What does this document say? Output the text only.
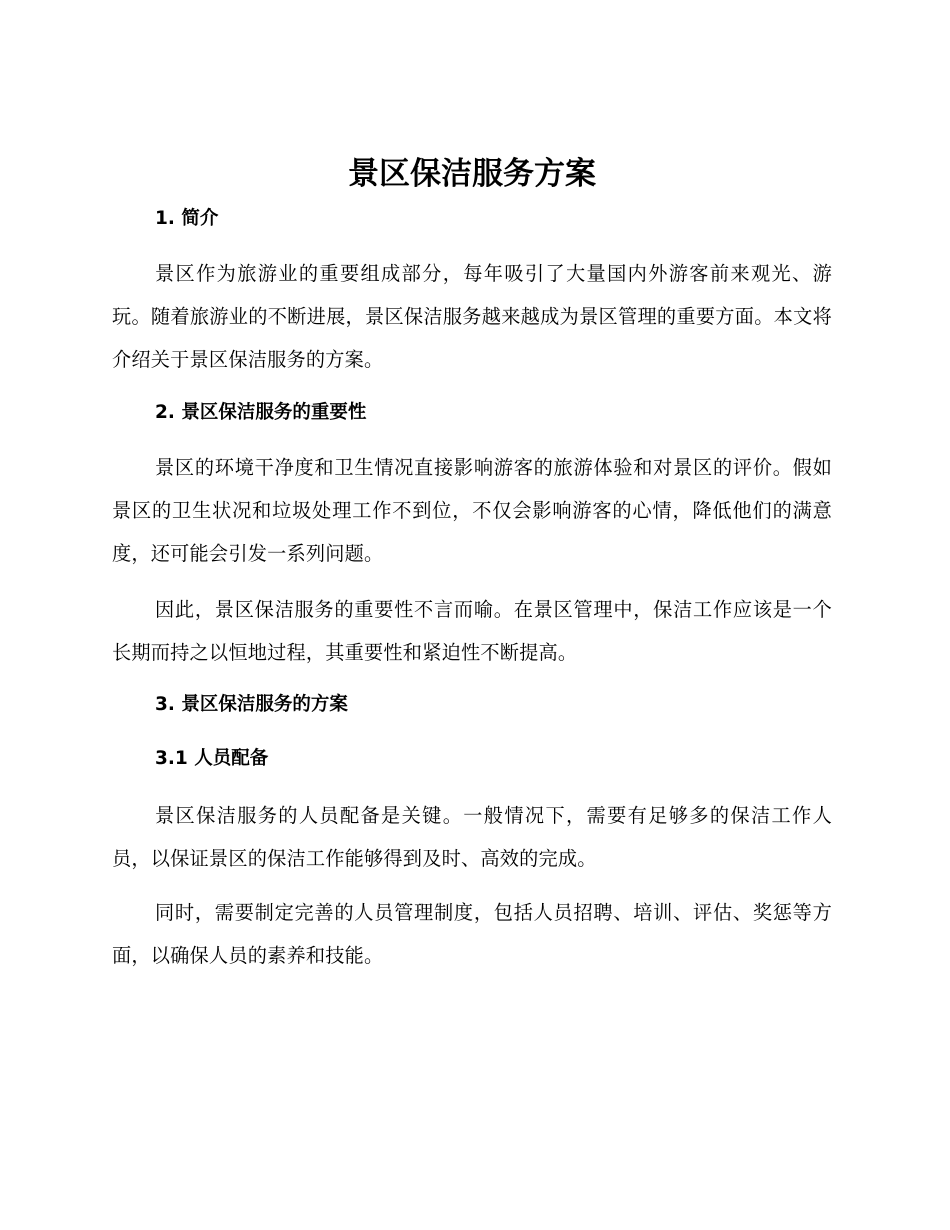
景区保洁服务方案
1. 简介

景区作为旅游业的重要组成部分，每年吸引了大量国内外游客前来观光、游玩。随着旅游业的不断进展，景区保洁服务越来越成为景区管理的重要方面。本文将介绍关于景区保洁服务的方案。

2. 景区保洁服务的重要性

景区的环境干净度和卫生情况直接影响游客的旅游体验和对景区的评价。假如景区的卫生状况和垃圾处理工作不到位，不仅会影响游客的心情，降低他们的满意度，还可能会引发一系列问题。

因此，景区保洁服务的重要性不言而喻。在景区管理中，保洁工作应该是一个长期而持之以恒地过程，其重要性和紧迫性不断提高。

3. 景区保洁服务的方案
3.1 人员配备

景区保洁服务的人员配备是关键。一般情况下，需要有足够多的保洁工作人员，以保证景区的保洁工作能够得到及时、高效的完成。

同时，需要制定完善的人员管理制度，包括人员招聘、培训、评估、奖惩等方面，以确保人员的素养和技能。
